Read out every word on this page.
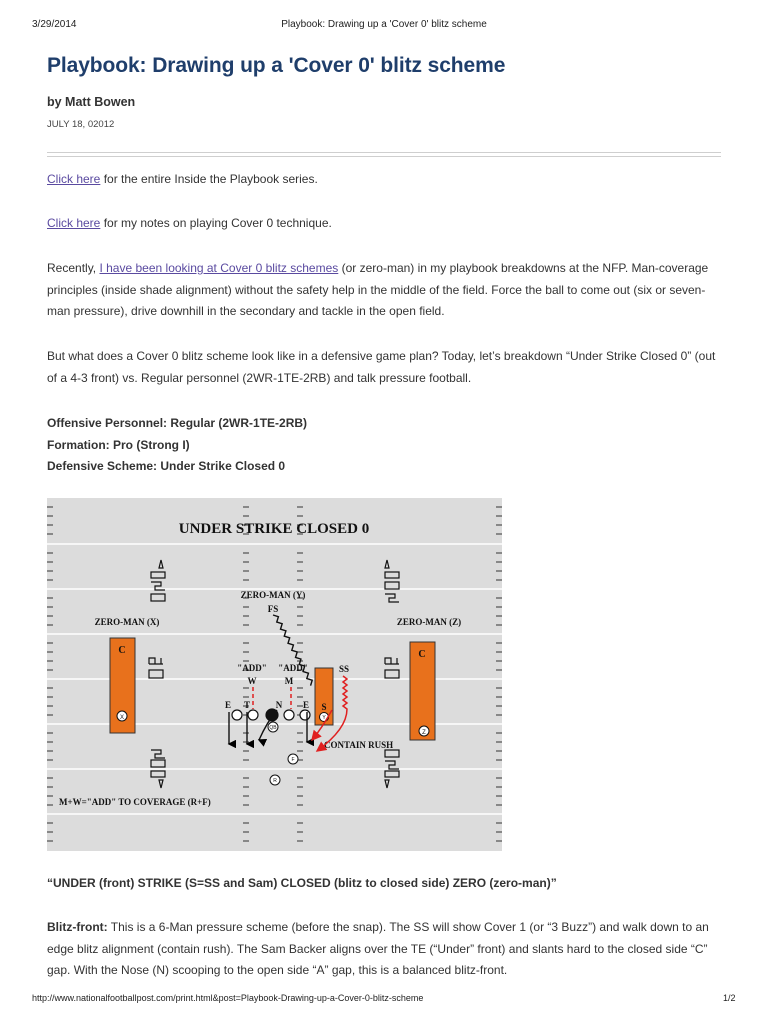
3/29/2014	Playbook: Drawing up a 'Cover 0' blitz scheme
Playbook: Drawing up a 'Cover 0' blitz scheme
by Matt Bowen
JULY 18, 02012

Click here for the entire Inside the Playbook series.

Click here for my notes on playing Cover 0 technique.

Recently, I have been looking at Cover 0 blitz schemes (or zero-man) in my playbook breakdowns at the NFP. Man-coverage principles (inside shade alignment) without the safety help in the middle of the field. Force the ball to come out (six or seven-man pressure), drive downhill in the secondary and tackle in the open field.

But what does a Cover 0 blitz scheme look like in a defensive game plan? Today, let’s breakdown “Under Strike Closed 0” (out of a 4-3 front) vs. Regular personnel (2WR-1TE-2RB) and talk pressure football.

Offensive Personnel: Regular (2WR-1TE-2RB)
Formation: Pro (Strong I)
Defensive Scheme: Under Strike Closed 0
UNDER STRIKE CLOSED 0
ZERO-MAN (Y)
FS
ZERO-MAN (X)	ZERO-MAN (Z)
"ADD" "ADD"	SS
W	M
E T	N E
CONTAIN RUSH
M+W="ADD" TO COVERAGE (R+F)
C
X
C
Z
S
Y
QB
F
R
“UNDER (front) STRIKE (S=SS and Sam) CLOSED (blitz to closed side) ZERO (zero-man)”

Blitz-front: This is a 6-Man pressure scheme (before the snap). The SS will show Cover 1 (or “3 Buzz”) and walk down to an edge blitz alignment (contain rush). The Sam Backer aligns over the TE (“Under” front) and slants hard to the closed side “C” gap. With the Nose (N) scooping to the open side “A” gap, this is a balanced blitz-front.

http://www.nationalfootballpost.com/print.html&post=Playbook-Drawing-up-a-Cover-0-blitz-scheme	1/2
